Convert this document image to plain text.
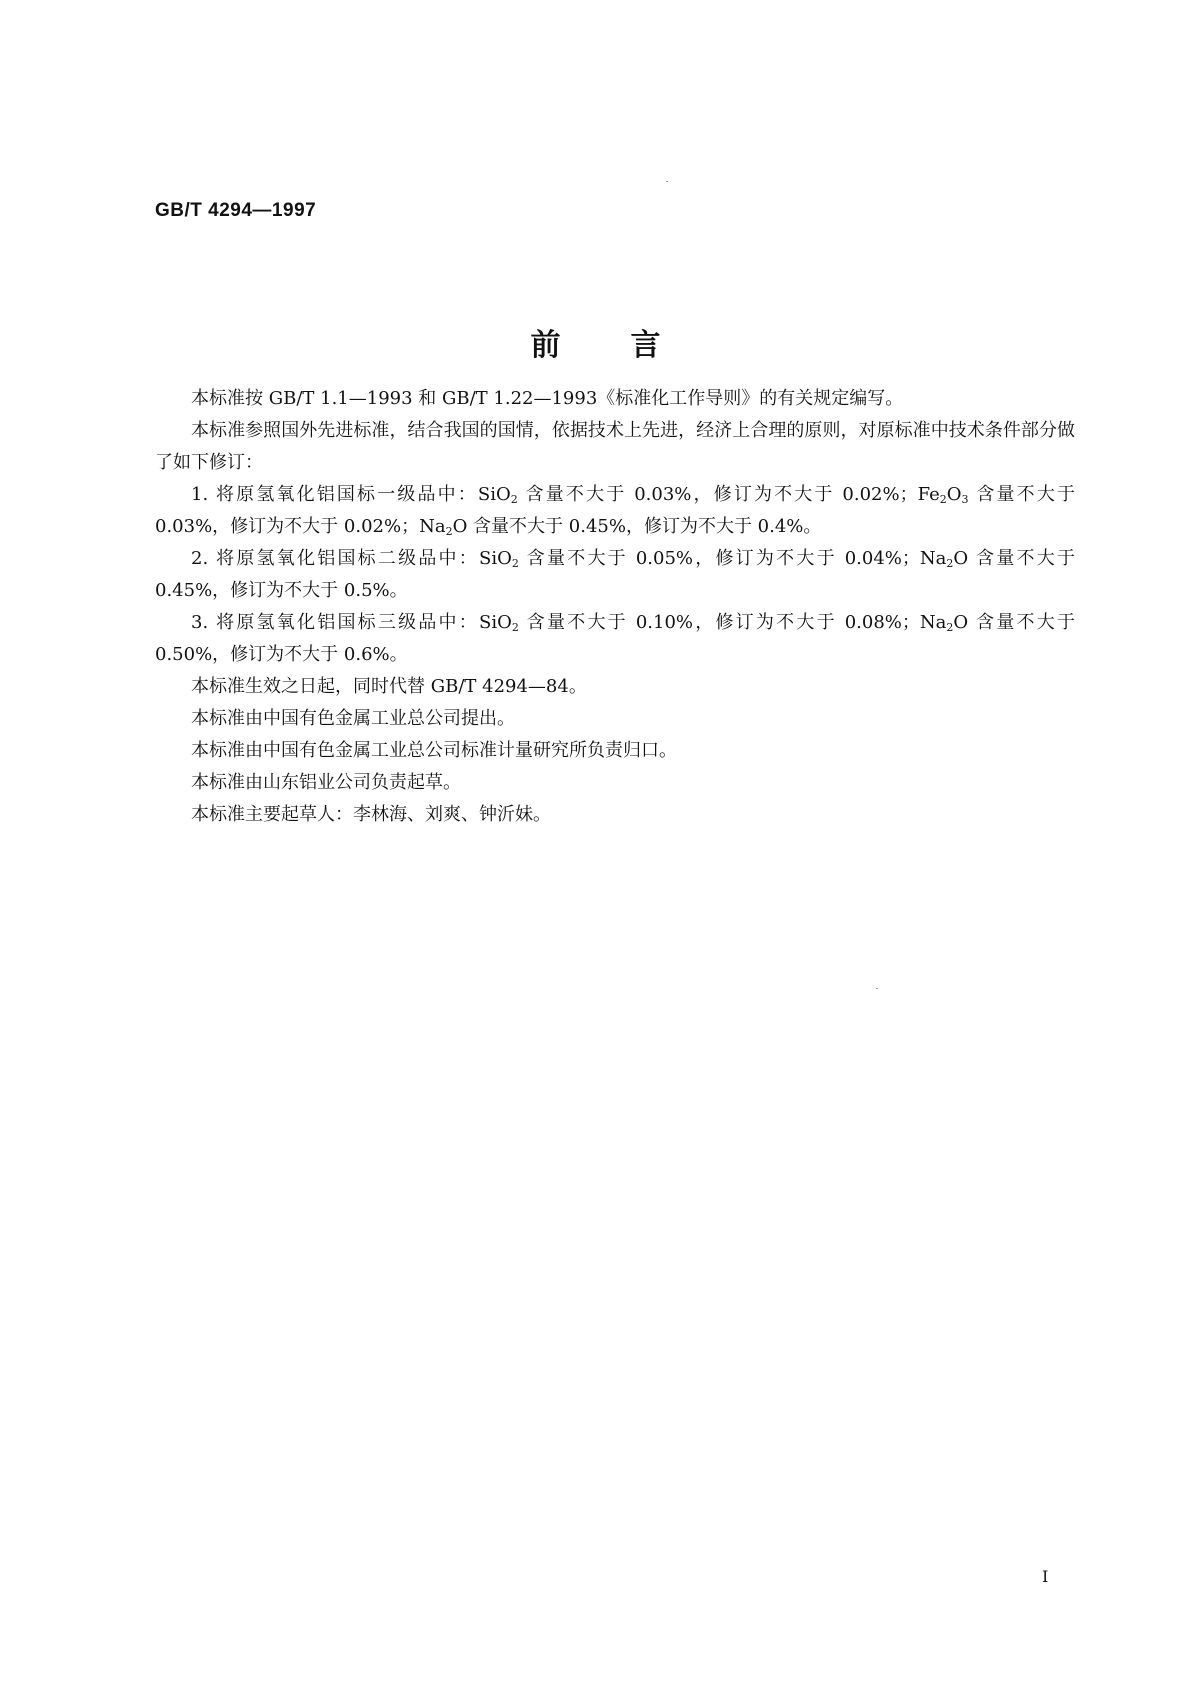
GB/T 4294—1997
前言

本标准按 GB/T 1.1—1993 和 GB/T 1.22—1993《标准化工作导则》的有关规定编写。

本标准参照国外先进标准，结合我国的国情，依据技术上先进，经济上合理的原则，对原标准中技术条件部分做了如下修订：

1. 将原氢氧化铝国标一级品中：SiO$_2$ 含量不大于 0.03%，修订为不大于 0.02%；$Fe_2O_3$ 含量不大于 0.03%，修订为不大于 0.02%；$Na_2O$ 含量不大于 0.45%，修订为不大于 0.4%。

2. 将原氢氧化铝国标二级品中：SiO$_2$ 含量不大于 0.05%，修订为不大于 0.04%；$Na_2O$ 含量不大于 0.45%，修订为不大于 0.5%。

3. 将原氢氧化铝国标三级品中：SiO$_2$ 含量不大于 0.10%，修订为不大于 0.08%；$Na_2O$ 含量不大于 0.50%，修订为不大于 0.6%。

本标准生效之日起，同时代替 GB/T 4294—84。

本标准由中国有色金属工业总公司提出。

本标准由中国有色金属工业总公司标准计量研究所负责归口。

本标准由山东铝业公司负责起草。

本标准主要起草人：李林海、刘爽、钟沂妹。

I
